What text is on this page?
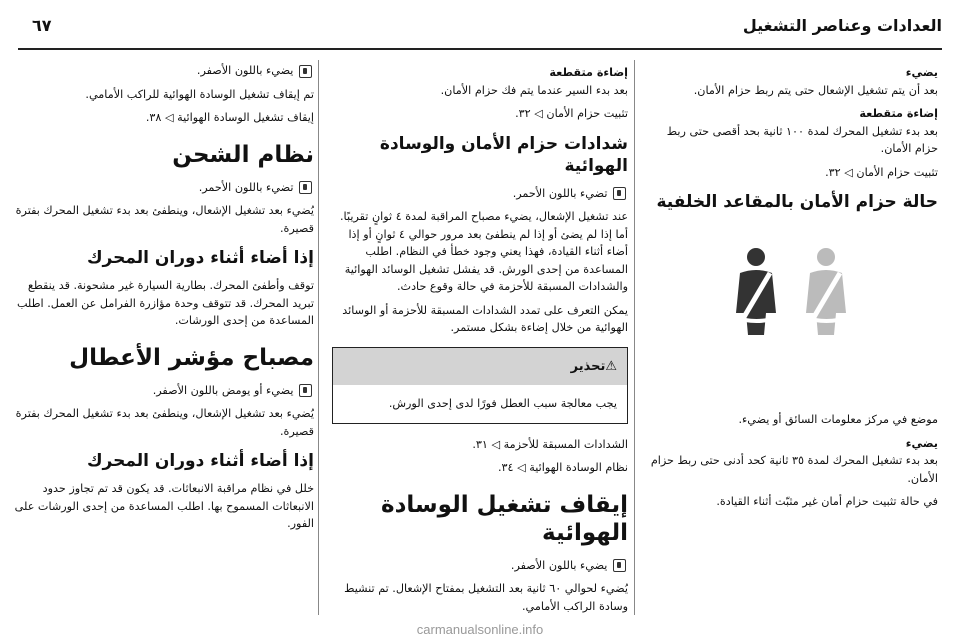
العدادات وعناصر التشغيل
٦٧

يضيء

بعد أن يتم تشغيل الإشعال حتى يتم ربط حزام الأمان.

إضاءة متقطعة

بعد بدء تشغيل المحرك لمدة ١٠٠ ثانية بحد أقصى حتى ربط حزام الأمان.

تثبيت حزام الأمان ◁ ٣٢.

حالة حزام الأمان بالمقاعد الخلفية

موضع في مركز معلومات السائق أو يضيء.

يضيء

بعد بدء تشغيل المحرك لمدة ٣٥ ثانية كحد أدنى حتى ربط حزام الأمان.

في حالة تثبيت حزام أمان غير مثبّت أثناء القيادة.

إضاءة متقطعة

بعد بدء السير عندما يتم فك حزام الأمان.

تثبيت حزام الأمان ◁ ٣٢.

شدادات حزام الأمان والوسادة الهوائية

تضيء باللون الأحمر.

عند تشغيل الإشعال، يضيء مصباح المراقبة لمدة ٤ ثوانٍ تقريبًا. أما إذا لم يضئ أو إذا لم ينطفئ بعد مرور حوالي ٤ ثوانٍ أو إذا أضاء أثناء القيادة، فهذا يعني وجود خطأ في النظام. اطلب المساعدة من إحدى الورش. قد يفشل تشغيل الوسائد الهوائية والشدادات المسبقة للأحزمة في حالة وقوع حادث.

يمكن التعرف على تمدد الشدادات المسبقة للأحزمة أو الوسائد الهوائية من خلال إضاءة بشكل مستمر.

⚠تحذير
يجب معالجة سبب العطل فورًا لدى إحدى الورش.

الشدادات المسبقة للأحزمة ◁ ٣١.

نظام الوسادة الهوائية ◁ ٣٤.

إيقاف تشغيل الوسادة الهوائية

يضيء باللون الأصفر.

يُضيء لحوالي ٦٠ ثانية بعد التشغيل بمفتاح الإشعال. تم تنشيط وسادة الراكب الأمامي.

يضيء باللون الأصفر.

تم إيقاف تشغيل الوسادة الهوائية للراكب الأمامي.

إيقاف تشغيل الوسادة الهوائية ◁ ٣٨.

نظام الشحن

تضيء باللون الأحمر.

يُضيء بعد تشغيل الإشعال، وينطفئ بعد بدء تشغيل المحرك بفترة قصيرة.

إذا أضاء أثناء دوران المحرك

توقف وأطفئ المحرك. بطارية السيارة غير مشحونة. قد ينقطع تبريد المحرك. قد تتوقف وحدة مؤازرة الفرامل عن العمل. اطلب المساعدة من إحدى الورشات.

مصباح مؤشر الأعطال

يضيء أو يومض باللون الأصفر.

يُضيء بعد تشغيل الإشعال، وينطفئ بعد بدء تشغيل المحرك بفترة قصيرة.

إذا أضاء أثناء دوران المحرك

خلل في نظام مراقبة الانبعاثات. قد يكون قد تم تجاوز حدود الانبعاثات المسموح بها. اطلب المساعدة من إحدى الورشات على الفور.

carmanualsonline.info
